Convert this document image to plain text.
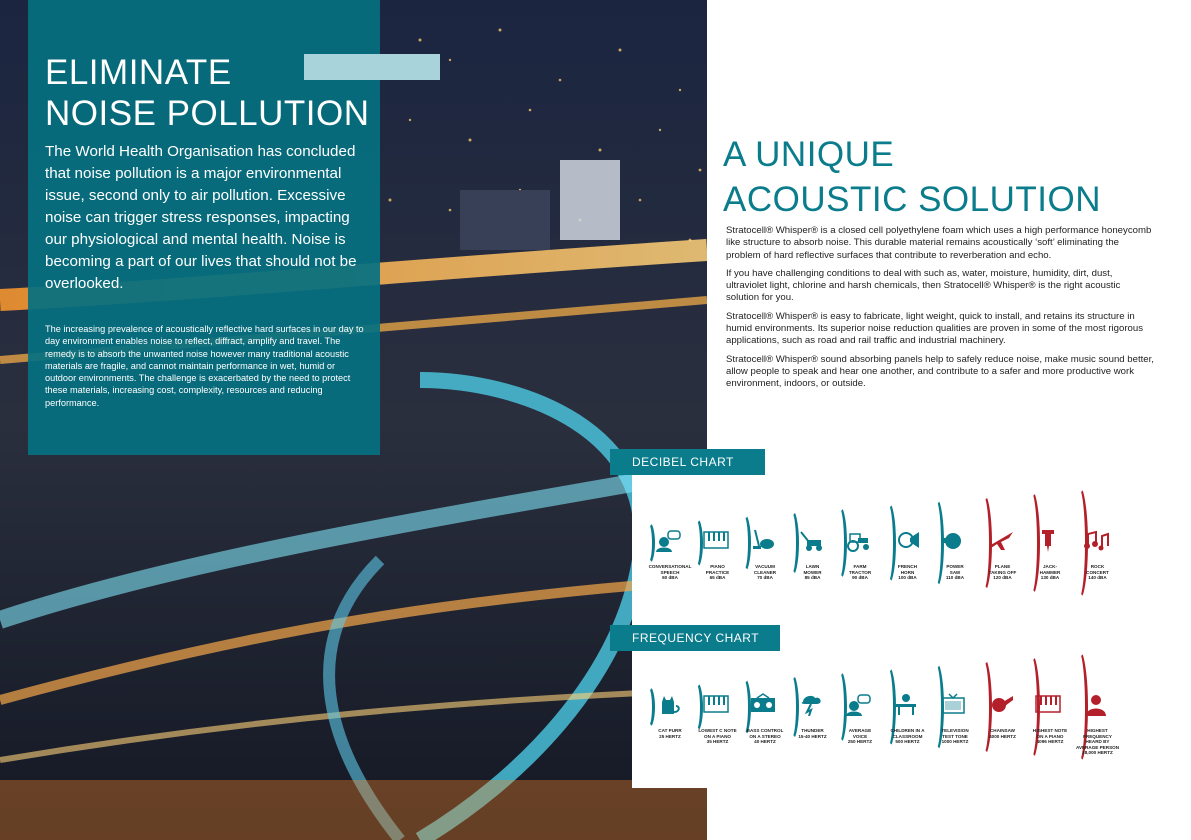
ELIMINATE
NOISE POLLUTION

The World Health Organisation has concluded that noise pollution is a major environmental issue, second only to air pollution. Excessive noise can trigger stress responses, impacting our physiological and mental health. Noise is becoming a part of our lives that should not be overlooked.

The increasing prevalence of acoustically reflective hard surfaces in our day to day environment enables noise to reflect, diffract, amplify and travel. The remedy is to absorb the unwanted noise however many traditional acoustic materials are fragile, and cannot maintain performance in wet, humid or outdoor environments. The challenge is exacerbated by the need to protect these materials, increasing cost, complexity, resources and reducing performance.

A UNIQUE
ACOUSTIC SOLUTION

Stratocell® Whisper® is a closed cell polyethylene foam which uses a high performance honeycomb like structure to absorb noise. This durable material remains acoustically ‘soft’ eliminating the problem of hard reflective surfaces that contribute to reverberation and echo.

If you have challenging conditions to deal with such as, water, moisture, humidity, dirt, dust, ultraviolet light, chlorine and harsh chemicals, then Stratocell® Whisper® is the right acoustic solution for you.

Stratocell® Whisper® is easy to fabricate, light weight, quick to install, and retains its structure in humid environments. Its superior noise reduction qualities are proven in some of the most rigorous applications, such as road and rail traffic and industrial machinery.

Stratocell® Whisper® sound absorbing panels help to safely reduce noise, make music sound better, allow people to speak and hear one another, and contribute to a safer and more productive work environment, indoors, or outside.

DECIBEL CHART
FREQUENCY CHART
CONVERSATIONAL
SPEECH
60 dBA
PIANO
PRACTICE
65 dBA
VACUUM
CLEANER
70 dBA
LAWN
MOWER
85 dBA
FARM
TRACTOR
90 dBA
FRENCH
HORN
100 dBA
POWER
SAW
110 dBA
PLANE
TAKING OFF
120 dBA
JACK-
HAMMER
130 dBA
ROCK
CONCERT
140 dBA
CAT PURR
25 HERTZ
LOWEST C NOTE
ON A PIANO
35 HERTZ
BASS CONTROL
ON A STEREO
40 HERTZ
THUNDER
15-40 HERTZ
AVERAGE
VOICE
250 HERTZ
CHILDREN IN A
CLASSROOM
500 HERTZ
TELEVISION
TEST TONE
1000 HERTZ
CHAINSAW
4000 HERTZ
HIGHEST NOTE
ON A PIANO
4096 HERTZ
HIGHEST
FREQUENCY
HEARD BY
AVERAGE PERSON
18,000 HERTZ
